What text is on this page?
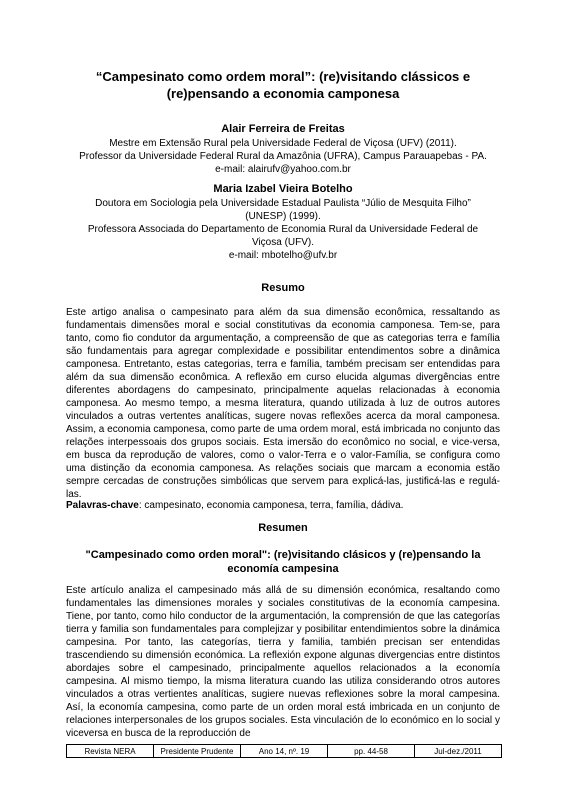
“Campesinato como ordem moral”: (re)visitando clássicos e (re)pensando a economia camponesa
Alair Ferreira de Freitas
Mestre em Extensão Rural pela Universidade Federal de Viçosa (UFV) (2011).
Professor da Universidade Federal Rural da Amazônia (UFRA), Campus Parauapebas - PA.
e-mail: alairufv@yahoo.com.br
Maria Izabel Vieira Botelho
Doutora em Sociologia pela Universidade Estadual Paulista “Júlio de Mesquita Filho” (UNESP) (1999).
Professora Associada do Departamento de Economia Rural da Universidade Federal de Viçosa (UFV).
e-mail: mbotelho@ufv.br
Resumo

Este artigo analisa o campesinato para além da sua dimensão econômica, ressaltando as fundamentais dimensões moral e social constitutivas da economia camponesa. Tem-se, para tanto, como fio condutor da argumentação, a compreensão de que as categorias terra e família são fundamentais para agregar complexidade e possibilitar entendimentos sobre a dinâmica camponesa. Entretanto, estas categorias, terra e família, também precisam ser entendidas para além da sua dimensão econômica. A reflexão em curso elucida algumas divergências entre diferentes abordagens do campesinato, principalmente aquelas relacionadas à economia camponesa. Ao mesmo tempo, a mesma literatura, quando utilizada à luz de outros autores vinculados a outras vertentes analíticas, sugere novas reflexões acerca da moral camponesa. Assim, a economia camponesa, como parte de uma ordem moral, está imbricada no conjunto das relações interpessoais dos grupos sociais. Esta imersão do econômico no social, e vice-versa, em busca da reprodução de valores, como o valor-Terra e o valor-Família, se configura como uma distinção da economia camponesa. As relações sociais que marcam a economia estão sempre cercadas de construções simbólicas que servem para explicá-las, justificá-las e regulá-las.

Palavras-chave: campesinato, economia camponesa, terra, família, dádiva.

Resumen
"Campesinado como orden moral": (re)visitando clásicos y (re)pensando la economía campesina

Este artículo analiza el campesinado más allá de su dimensión económica, resaltando como fundamentales las dimensiones morales y sociales constitutivas de la economía campesina. Tiene, por tanto, como hilo conductor de la argumentación, la comprensión de que las categorías tierra y familia son fundamentales para complejizar y posibilitar entendimientos sobre la dinámica campesina. Por tanto, las categorías, tierra y familia, también precisan ser entendidas trascendiendo su dimensión económica. La reflexión expone algunas divergencias entre distintos abordajes sobre el campesinado, principalmente aquellos relacionados a la economía campesina. Al mismo tiempo, la misma literatura cuando las utiliza considerando otros autores vinculados a otras vertientes analíticas, sugiere nuevas reflexiones sobre la moral campesina. Así, la economía campesina, como parte de un orden moral está imbricada en un conjunto de relaciones interpersonales de los grupos sociales. Esta vinculación de lo económico en lo social y viceversa en busca de la reproducción de

Revista NERA	Presidente Prudente	Ano 14, nº. 19	pp. 44-58	Jul-dez./2011
